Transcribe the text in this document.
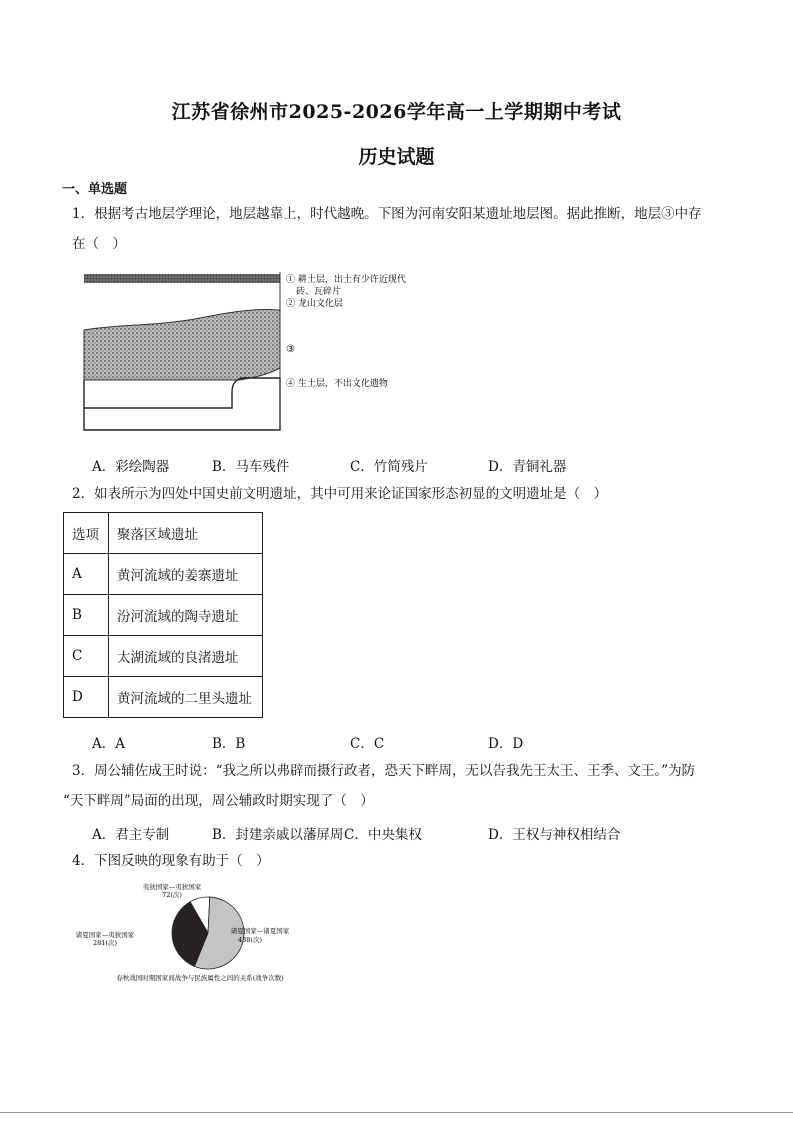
江苏省徐州市2025-2026学年高一上学期期中考试
历史试题
一、单选题
1．根据考古地层学理论，地层越靠上，时代越晚。下图为河南安阳某遗址地层图。据此推断，地层③中存
在（　）
① 耕土层，出土有少许近现代
砖、瓦碎片
② 龙山文化层
③
④ 生土层，不出文化遗物
A．彩绘陶器	B．马车残件	C．竹简残片	D．青铜礼器
2．如表所示为四处中国史前文明遗址，其中可用来论证国家形态初显的文明遗址是（　）
选项	聚落区域遗址
A	黄河流域的姜寨遗址
B	汾河流域的陶寺遗址
C	太湖流域的良渚遗址
D	黄河流域的二里头遗址
A．A	B．B	C．C	D．D
3．周公辅佐成王时说：“我之所以弗辟而摄行政者，恐天下畔周，无以告我先王太王、王季、文王。”为防
“天下畔周”局面的出现，周公辅政时期实现了（　）
A．君主专制	B．封建亲戚以藩屏周 C．中央集权	D．王权与神权相结合
4．下图反映的现象有助于（　）
夷狄国家—夷狄国家
72(次)
诸夏国家—诸夏国家
438(次)
诸夏国家—夷狄国家
281(次)
春秋战国时期国家间战争与民族属性之间的关系(战争次数)
